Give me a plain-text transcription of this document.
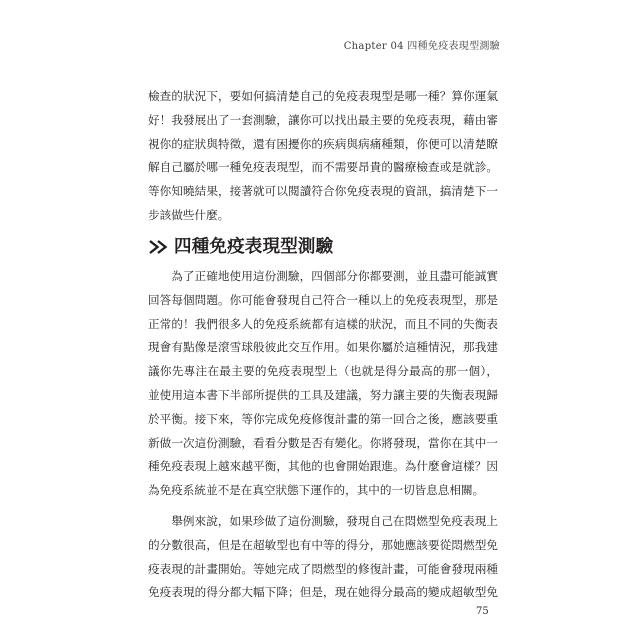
Chapter 04 四種免疫表現型測驗
檢查的狀況下，要如何搞清楚自己的免疫表現型是哪一種？算你運氣
好！我發展出了一套測驗，讓你可以找出最主要的免疫表現，藉由審
視你的症狀與特徵，還有困擾你的疾病與病痛種類，你便可以清楚瞭
解自己屬於哪一種免疫表現型，而不需要昂貴的醫療檢查或是就診。
等你知曉結果，接著就可以閱讀符合你免疫表現的資訊，搞清楚下一
步該做些什麼。
四種免疫表現型測驗
為了正確地使用這份測驗，四個部分你都要測，並且盡可能誠實
回答每個問題。你可能會發現自己符合一種以上的免疫表現型，那是
正常的！我們很多人的免疫系統都有這樣的狀況，而且不同的失衡表
現會有點像是滾雪球般彼此交互作用。如果你屬於這種情況，那我建
議你先專注在最主要的免疫表現型上（也就是得分最高的那一個），
並使用這本書下半部所提供的工具及建議，努力讓主要的失衡表現歸
於平衡。接下來，等你完成免疫修復計畫的第一回合之後，應該要重
新做一次這份測驗，看看分數是否有變化。你將發現，當你在其中一
種免疫表現上越來越平衡，其他的也會開始跟進。為什麼會這樣？因
為免疫系統並不是在真空狀態下運作的，其中的一切皆息息相關。
舉例來說，如果珍做了這份測驗，發現自己在悶燃型免疫表現上
的分數很高，但是在超敏型也有中等的得分，那她應該要從悶燃型免
疫表現的計畫開始。等她完成了悶燃型的修復計畫，可能會發現兩種
免疫表現的得分都大幅下降；但是，現在她得分最高的變成超敏型免
75
